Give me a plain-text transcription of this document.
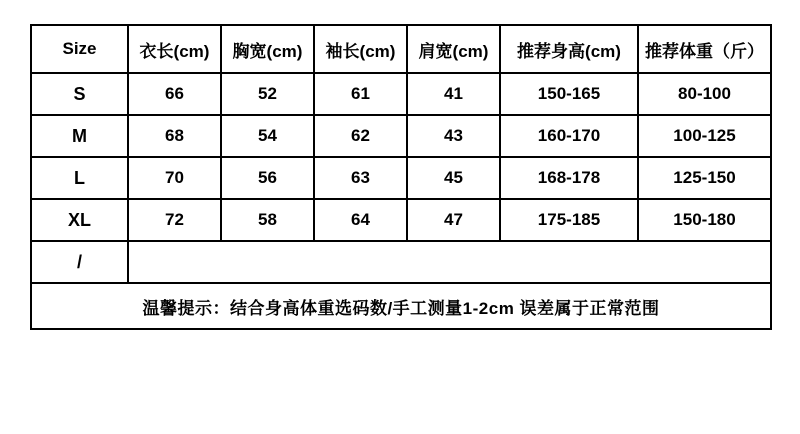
Size	衣长(cm)	胸宽(cm)	袖长(cm)	肩宽(cm)	推荐身高(cm)	推荐体重（斤）
S	66	52	61	41	150-165	80-100
M	68	54	62	43	160-170	100-125
L	70	56	63	45	168-178	125-150
XL	72	58	64	47	175-185	150-180
/						
温馨提示：结合身高体重选码数/手工测量1-2cm 误差属于正常范围						
